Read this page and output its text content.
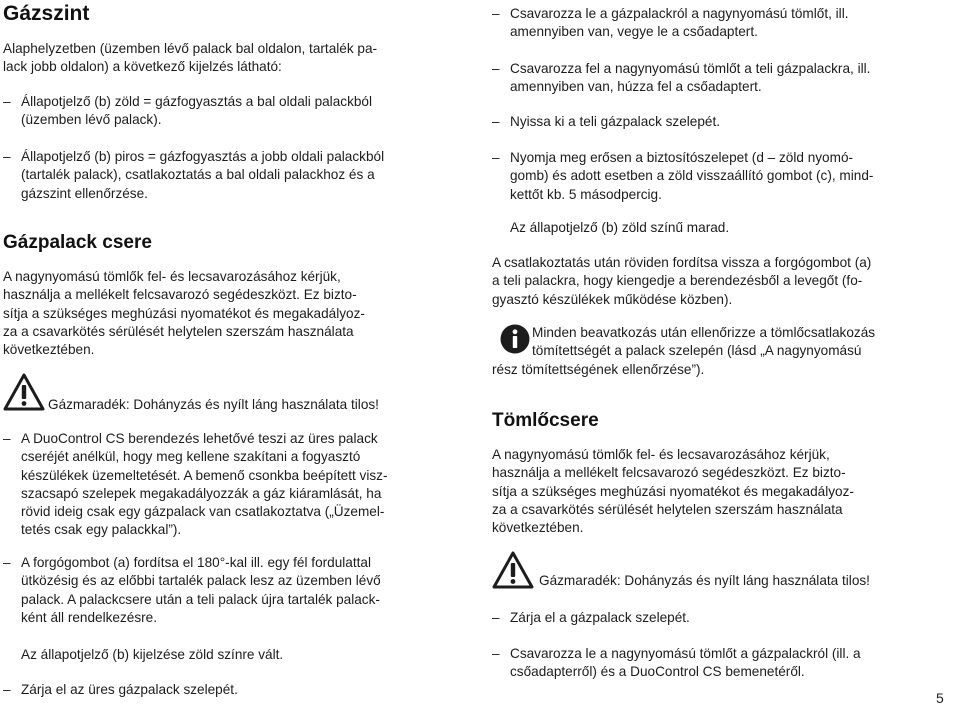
Gázszint
Alaphelyzetben (üzemben lévő palack bal oldalon, tartalék pa-
lack jobb oldalon) a következő kijelzés látható:
– Állapotjelző (b) zöld = gázfogyasztás a bal oldali palackból
(üzemben lévő palack).
– Állapotjelző (b) piros = gázfogyasztás a jobb oldali palackból
(tartalék palack), csatlakoztatás a bal oldali palackhoz és a
gázszint ellenőrzése.
Gázpalack csere
A nagynyomású tömlők fel- és lecsavarozásához kérjük,
használja a mellékelt felcsavarozó segédeszközt. Ez bizto-
sítja a szükséges meghúzási nyomatékot és megakadályoz-
za a csavarkötés sérülését helytelen szerszám használata
következtében.
Gázmaradék: Dohányzás és nyílt láng használata tilos!
– A DuoControl CS berendezés lehetővé teszi az üres palack
cseréjét anélkül, hogy meg kellene szakítani a fogyasztó
készülékek üzemeltetését. A bemenő csonkba beépített visz-
szacsapó szelepek megakadályozzák a gáz kiáramlását, ha
rövid ideig csak egy gázpalack van csatlakoztatva („Üzemel-
tetés csak egy palackkal”).
– A forgógombot (a) fordítsa el 180°-kal ill. egy fél fordulattal
ütközésig és az előbbi tartalék palack lesz az üzemben lévő
palack. A palackcsere után a teli palack újra tartalék palack-
ként áll rendelkezésre.
Az állapotjelző (b) kijelzése zöld színre vált.
– Zárja el az üres gázpalack szelepét.
– Csavarozza le a gázpalackról a nagynyomású tömlőt, ill.
amennyiben van, vegye le a csőadaptert.
– Csavarozza fel a nagynyomású tömlőt a teli gázpalackra, ill.
amennyiben van, húzza fel a csőadaptert.
– Nyissa ki a teli gázpalack szelepét.
– Nyomja meg erősen a biztosítószelepet (d – zöld nyomó-
gomb) és adott esetben a zöld visszaállító gombot (c), mind-
kettőt kb. 5 másodpercig.
Az állapotjelző (b) zöld színű marad.
A csatlakoztatás után röviden fordítsa vissza a forgógombot (a)
a teli palackra, hogy kiengedje a berendezésből a levegőt (fo-
gyasztó készülékek működése közben).
Minden beavatkozás után ellenőrizze a tömlőcsatlakozás
tömítettségét a palack szelepén (lásd „A nagynyomású
rész tömítettségének ellenőrzése”).
Tömlőcsere
A nagynyomású tömlők fel- és lecsavarozásához kérjük,
használja a mellékelt felcsavarozó segédeszközt. Ez bizto-
sítja a szükséges meghúzási nyomatékot és megakadályoz-
za a csavarkötés sérülését helytelen szerszám használata
következtében.
Gázmaradék: Dohányzás és nyílt láng használata tilos!
– Zárja el a gázpalack szelepét.
– Csavarozza le a nagynyomású tömlőt a gázpalackról (ill. a
csőadapterről) és a DuoControl CS bemenetéről.
5
